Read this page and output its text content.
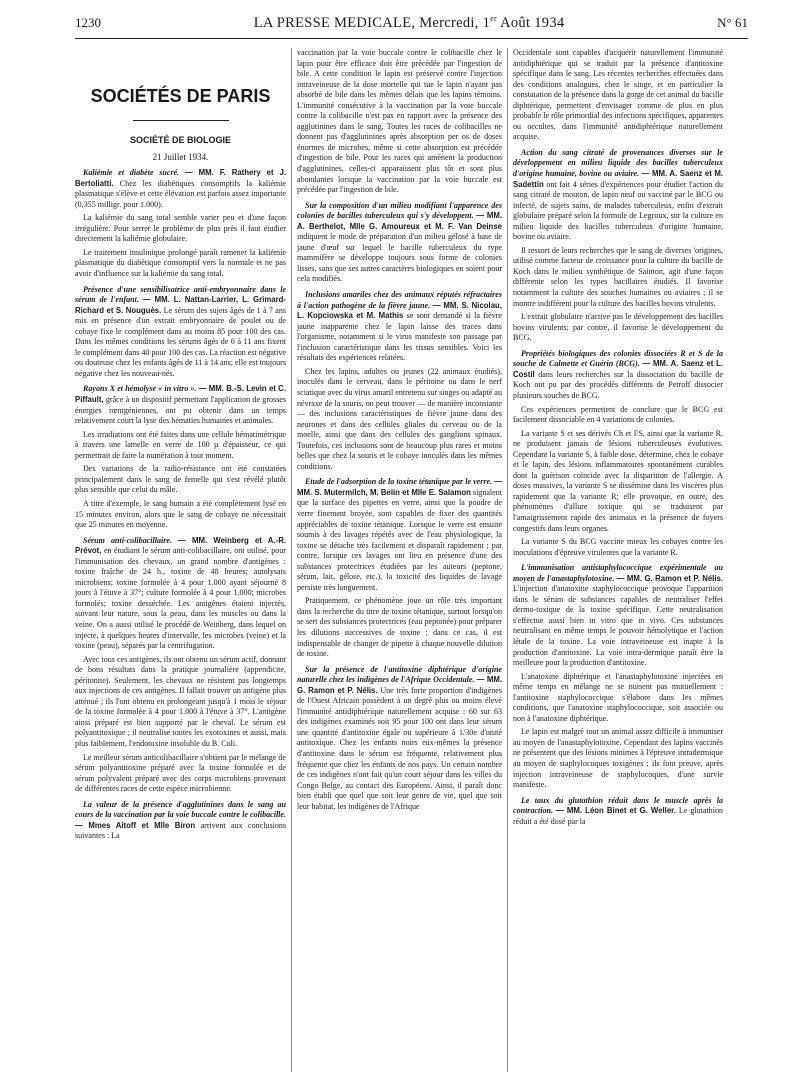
1230	LA PRESSE MEDICALE, Mercredi, 1er Août 1934	N° 61
SOCIÉTÉS DE PARIS
SOCIÉTÉ DE BIOLOGIE
21 Juillet 1934.

Kaliémie et diabète sucré. — MM. F. Rathery et J. Bertoliatti. Chez les diabétiques consomptifs la kaliémie plasmatique s'élève et cette élévation est parfois assez importante (0,355 milligr. pour 1.000).

La kaliémie du sang total semble varier peu et d'une façon irrégulière. Pour serrer le problème de plus près il faut étudier directement la kaliémie globulaire.

Le traitement insulinique prolongé paraît ramener la kaliémie plasmatique du diabétique consomptif vers la normale et ne pas avoir d'influence sur la kaliémie du sang total.

Présence d'une sensibilisatrice anti-embryonnaire dans le sérum de l'enfant. — MM. L. Nattan-Larrier, L. Grimard-Richard et S. Nouguès. Le sérum des sujets âgés de 1 à 7 ans mis en présence d'un extrait embryonnaire de poulet ou de cobaye fixe le complément dans au moins 85 pour 100 des cas. Dans les mêmes conditions les sérums âgés de 6 à 11 ans fixent le complément dans 40 pour 100 des cas. La réaction est négative ou douteuse chez les enfants âgés de 11 à 14 ans; elle est toujours négative chez les nouveau-nés.

Rayons X et hémolyse « in vitro ». — MM. B.-S. Levin et C. Piffault, grâce à un dispositif permettant l'application de grosses énergies rœntgéniennes, ont pu obtenir dans un temps relativement court la lyse des hématies humaines et animales.

Les irradiations ont été faites dans une cellule hématimétrique à travers une lamelle en verre de 100 µ d'épaisseur, ce qui permettrait de faire la numération à tout moment.

Des variations de la radio-résistance ont été constatées principalement dans le sang de femelle qui s'est révélé plutôt plus sensible que celui du mâle.

A titre d'exemple, le sang humain a été complètement lysé en 15 minutes environ, alors que le sang de cobaye ne nécessitait que 25 minutes en moyenne.

Sérum anti-colibacillaire. — MM. Weinberg et A.-R. Prévot, en étudiant le sérum anti-colibacillaire, ont utilisé, pour l'immunisation des chevaux, un grand nombre d'antigènes : toxine fraîche de 24 h., toxine de 48 heures; autolysats microbiens; toxine formolée à 4 pour 1.000 ayant séjourné 8 jours à l'étuve à 37°; culture formolée à 4 pour 1.000; microbes formolés; toxine desséchée. Les antigènes étaient injectés, suivant leur nature, sous la peau, dans les muscles ou dans la veine. On a aussi utilisé le procédé de Weinberg, dans lequel on injecte, à quelques heures d'intervalle, les microbes (veine) et la toxine (peau), séparés par la centrifugation.

Avec tous ces antigènes, ils ont obtenu un sérum actif, donnant de bons résultats dans la pratique journalière (appendicite, péritonite). Seulement, les chevaux ne résistent pas longtemps aux injections de ces antigènes. Il fallait trouver un antigène plus atténué ; ils l'ont obtenu en prolongeant jusqu'à 1 mois le séjour de la toxine formolée à 4 pour 1.000 à l'étuve à 37°. L'antigène ainsi préparé est bien supporté par le cheval. Le sérum est polyantitoxique ; il neutralise toutes les exotoxines et aussi, mais plus faiblement, l'endotoxine insoluble du B. Coli.

Le meilleur sérum anticolibacillaire s'obtient par le mélange de sérum polyantitoxine préparé avec la toxine formolée et de sérum polyvalent préparé avec des corps microbiens provenant de différentes races de cette espèce microbienne.

La valeur de la présence d'agglutinines dans le sang au cours de la vaccination par la voie buccale contre le colibacille. — Mmes Aitoff et Mlle Biron arrivent aux conclusions suivantes : La

vaccination par la voie buccale contre le colibacille chez le lapin pour être efficace doit être précédée par l'ingestion de bile. A cette condition le lapin est préservé contre l'injection intraveineuse de la dose mortelle qui tue le lapin n'ayant pas absorbé de bile dans les mêmes délais que les lapins témoins. L'immunité consécutive à la vaccination par la voie buccale contre la colibacille n'est pas en rapport avec la présence des agglutinines dans le sang. Toutes les races de colibacilles ne donnent pas d'agglutinines après absorption per os de doses énormes de microbes, même si cette absorption est précédée d'ingestion de bile. Pour les races qui amènent la production d'agglutinines, celles-ci apparaissent plus tôt et sont plus abondantes lorsque la vaccination par la voie buccale est précédée par l'ingestion de bile.

Sur la composition d'un milieu modifiant l'apparence des colonies de bacilles tuberculeux qui s'y développent. — MM. A. Berthelot, Mlle G. Amoureux et M. F. Van Deinse indiquent le mode de préparation d'un milieu gélosé à base de jaune d'œuf sur lequel le bacille tuberculeux du type mammifère se développe toujours sous forme de colonies lisses, sans que ses autres caractères biologiques en soient pour cela modifiés.

Inclusions amariles chez des animaux réputés réfractaires à l'action pathogène de la fièvre jaune. — MM. S. Nicolau, L. Kopciowska et M. Mathis se sont demandé si la fièvre jaune inapparente chez le lapin laisse des traces dans l'organisme, notamment si le virus manifeste son passage par l'inclusion caractéristique dans les tissus sensibles. Voici les résultats des expériences relatées.

Chez les lapins, adultes ou jeunes (22 animaux étudiés), inoculés dans le cerveau, dans le péritoine ou dans le nerf sciatique avec du virus amaril entretenu sur singes ou adapté au névraxe de la souris, on peut trouver — de manière inconstante — des inclusions caractéristiques de fièvre jaune dans des neurones et dans des cellules gliales du cerveau ou de la moelle, ainsi que dans des cellules des ganglions spinaux. Toutefois, ces inclusions sont de beaucoup plus rares et moins belles que chez la souris et le cobaye inoculés dans les mêmes conditions.

Etude de l'adsorption de la toxine tétanique par le verre. — MM. S. Mutermilch, M. Belin et Mlle E. Salamon signalent que la surface des pipettes en verre, ainsi que la poudre de verre finement broyée, sont capables de fixer des quantités appréciables de toxine tétanique. Lorsque le verre est ensuite soumis à des lavages répétés avec de l'eau physiologique, la toxine se détache très facilement et disparaît rapidement ; par contre, lorsque ces lavages ont lieu en présence d'une des substances protectrices étudiées par les auteurs (peptone, sérum, lait, gélose, etc.), la toxicité des liquides de lavage persiste très longuement.

Pratiquement, ce phénomène joue un rôle très important dans la recherche du titre de toxine tétanique, surtout lorsqu'on se sert des substances protectrices (eau peptonée) pour préparer les dilutions successives de toxine ; dans ce cas, il est indispensable de changer de pipette à chaque nouvelle dilution de toxine.

Sur la présence de l'antitoxine diphtérique d'origine naturelle chez les indigènes de l'Afrique Occidentale. — MM. G. Ramon et P. Nélis. Une très forte proportion d'indigènes de l'Ouest Africain possèdent à un degré plus ou moins élevé l'immunité antidiphtérique naturellement acquise : 60 sur 63 des indigènes examinés soit 95 pour 100 ont dans leur sérum une quantité d'antitoxine égale ou supérieure à 1/30e d'unité antitoxique. Chez les enfants noirs eux-mêmes la présence d'antitoxine dans le sérum est fréquente, relativement plus fréquente que chez les enfants de nos pays. Un certain nombre de ces indigènes n'ont fait qu'un court séjour dans les villes du Congo Belge, au contact des Européens. Ainsi, il paraît donc bien établi que quel que soit leur genre de vie, quel que soit leur habitat, les indigènes de l'Afrique

Occidentale sont capables d'acquérir naturellement l'immunité antidiphtérique qui se traduit par la présence d'antitoxine spécifique dans le sang. Les récentes recherches effectuées dans des conditions analogues, chez le singe, et en particulier la constatation de la présence dans la gorge de cet animal du bacille diphtérique, permettent d'envisager comme de plus en plus probable le rôle primordial des infections spécifiques, apparentes ou occultes, dans l'immunité antidiphtérique naturellement acquise.

Action du sang citraté de provenances diverses sur le développement en milieu liquide des bacilles tuberculeux d'origine humaine, bovine ou aviaire. — MM. A. Saenz et M. Sadettin ont fait 4 séries d'expériences pour étudier l'action du sang citraté de mouton, de lapin neuf ou vacciné par le BCG ou infecté, de sujets sains, de malades tuberculeux, enfin d'extrait globulaire préparé selon la formule de Legroux, sur la culture en milieu liquide des bacilles tuberculeux d'origine humaine, bovine ou aviaire.

Il ressort de leurs recherches que le sang de diverses 'origines, utilisé comme facteur de croissance pour la culture du bacille de Koch dans le milieu synthétique de Sainton, agit d'une façon différente selon les types bacillaires étudiés. Il favorise notamment la culture des souches humaines ou aviaires ; il se montre indifférent pour la culture des bacilles bovins virulents.

L'extrait globulaire n'active pas le développement des bacilles bovins virulents; par contre, il favorise le développement du BCG.

Propriétés biologiques des colonies dissociées R et S de la souche de Calmette et Guérin (BCG). — MM. A. Saenz et L. Costil dans leurs recherches sur la dissociation du bacille de Koch ont pu par des procédés différents de Petroff dissocier plusieurs souches de BCG.

Ces expériences permettent de conclure que le BCG est facilement dissociable en 4 variations de colonies.

La variante S et ses dérivés Ch et FS, ainsi que la variante R, ne produisent jamais de lésions tuberculeuses évolutives. Cependant la variante S, à faible dose, détermine, chez le cobaye et le lapin, des lésions inflammatoires spontanément curables dont la guérison coïncide avec la disparition de l'allergie. A doses massives, la variante S se dissémine dans les viscères plus rapidement que la variante R; elle provoque, en outre, des phénomènes d'allure toxique qui se traduisent par l'amaigrissement rapide des animaux et la présence de foyers congestifs dans leurs organes.

La variante S du BCG vaccine mieux les cobayes contre les inoculations d'épreuve virulentes que la variante R.

L'immunisation antistaphylococcique expérimentale au moyen de l'anastaphylotoxine. — MM. G. Ramon et P. Nélis. L'injection d'anatoxine staphylococcique provoque l'apparition dans le sérum de substances capables de neutraliser l'effet dermo-toxique de la toxine spécifique. Cette neutralisation s'effectue aussi bien in vitro que in vivo. Ces substances neutralisant en même temps le pouvoir hémolytique et l'action létale de la toxine. La voie intraveineuse est inapte à la production d'antitoxine. La voie intra-dermique paraît être la meilleure pour la production d'antitoxine.

L'anatoxine diphtérique et l'anastaphylotoxine injectées en même temps en mélange ne se nuisent pas mutuellement : l'antitoxine staphylococcique s'élabore dans les mêmes conditions, que l'anatoxine staphylococcique, soit associée ou non à l'anatoxine diphtérique.

Le lapin est malgré tout un animal assez difficile à immuniser au moyen de l'anastaphylotoxine. Cependant des lapins vaccinés ne présentent que des lésions minimes à l'épreuve intradermique au moyen de staphylocoques toxigènes ; ils font preuve, après injection intraveineuse de staphylocoques, d'une survie manifeste.

Le taux du glutathion réduit dans le muscle après la contraction. — MM. Léon Binet et G. Weller. Le glutathion réduit a été dosé par la
